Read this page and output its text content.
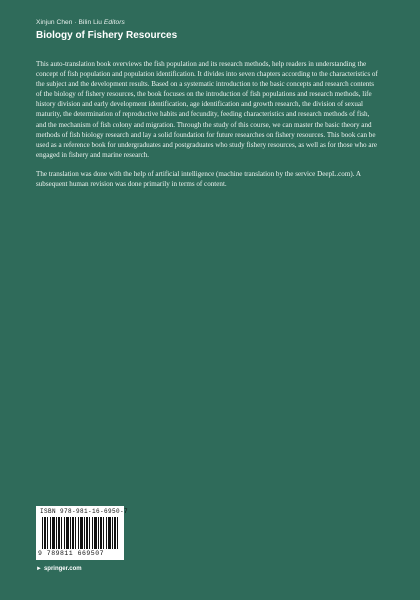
Xinjun Chen · Bilin Liu Editors
Biology of Fishery Resources

This auto-translation book overviews the fish population and its research methods, help readers in understanding the concept of fish population and population identification. It divides into seven chapters according to the characteristics of the subject and the development results. Based on a systematic introduction to the basic concepts and research contents of the biology of fishery resources, the book focuses on the introduction of fish populations and research methods, life history division and early development identification, age identification and growth research, the division of sexual maturity, the determination of reproductive habits and fecundity, feeding characteristics and research methods of fish, and the mechanism of fish colony and migration. Through the study of this course, we can master the basic theory and methods of fish biology research and lay a solid foundation for future researches on fishery resources. This book can be used as a reference book for undergraduates and postgraduates who study fishery resources, as well as for those who are engaged in fishery and marine research.

The translation was done with the help of artificial intelligence (machine translation by the service DeepL.com). A subsequent human revision was done primarily in terms of content.

ISBN 978-981-16-6950-7
9 789811 669507
► springer.com
